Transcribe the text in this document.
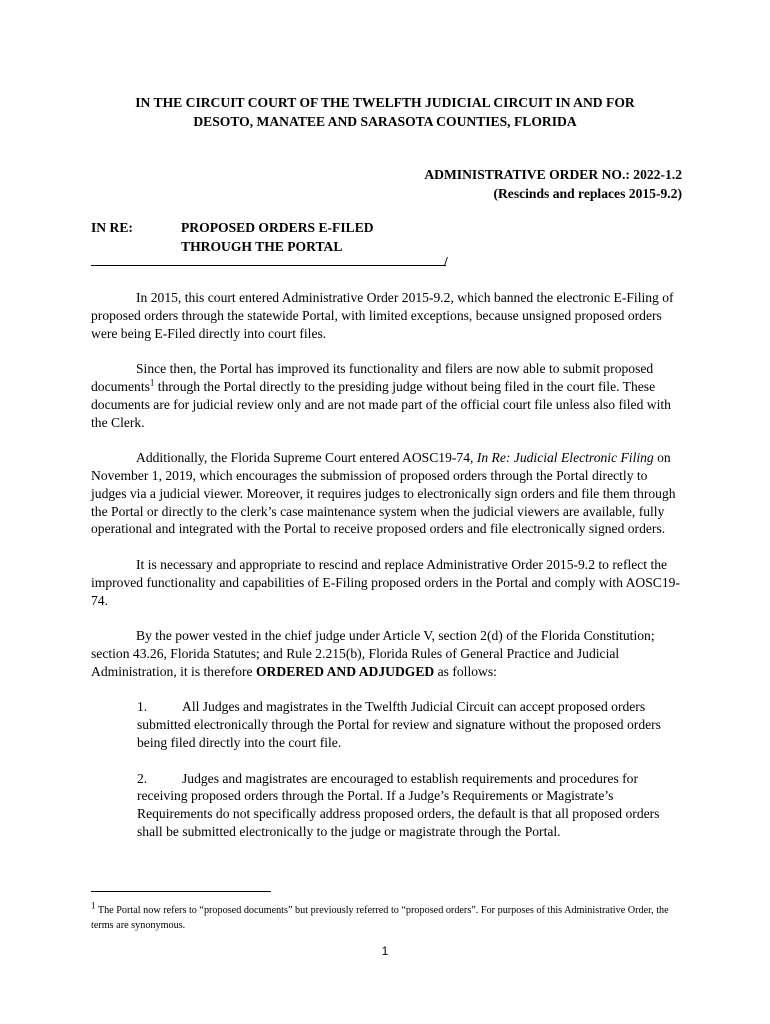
IN THE CIRCUIT COURT OF THE TWELFTH JUDICIAL CIRCUIT IN AND FOR
DESOTO, MANATEE AND SARASOTA COUNTIES, FLORIDA
ADMINISTRATIVE ORDER NO.: 2022-1.2
(Rescinds and replaces 2015-9.2)
IN RE:	PROPOSED ORDERS E-FILED
THROUGH THE PORTAL
/

In 2015, this court entered Administrative Order 2015-9.2, which banned the electronic E-Filing of proposed orders through the statewide Portal, with limited exceptions, because unsigned proposed orders were being E-Filed directly into court files.

Since then, the Portal has improved its functionality and filers are now able to submit proposed documents$^1$ through the Portal directly to the presiding judge without being filed in the court file. These documents are for judicial review only and are not made part of the official court file unless also filed with the Clerk.

Additionally, the Florida Supreme Court entered AOSC19-74, In Re: Judicial Electronic Filing on November 1, 2019, which encourages the submission of proposed orders through the Portal directly to judges via a judicial viewer. Moreover, it requires judges to electronically sign orders and file them through the Portal or directly to the clerk’s case maintenance system when the judicial viewers are available, fully operational and integrated with the Portal to receive proposed orders and file electronically signed orders.

It is necessary and appropriate to rescind and replace Administrative Order 2015-9.2 to reflect the improved functionality and capabilities of E-Filing proposed orders in the Portal and comply with AOSC19-74.

By the power vested in the chief judge under Article V, section 2(d) of the Florida Constitution; section 43.26, Florida Statutes; and Rule 2.215(b), Florida Rules of General Practice and Judicial Administration, it is therefore ORDERED AND ADJUDGED as follows:

1.	All Judges and magistrates in the Twelfth Judicial Circuit can accept proposed orders submitted electronically through the Portal for review and signature without the proposed orders being filed directly into the court file.
2.	Judges and magistrates are encouraged to establish requirements and procedures for receiving proposed orders through the Portal. If a Judge’s Requirements or Magistrate’s Requirements do not specifically address proposed orders, the default is that all proposed orders shall be submitted electronically to the judge or magistrate through the Portal.
$^1$ The Portal now refers to “proposed documents” but previously referred to “proposed orders”. For purposes of this Administrative Order, the terms are synonymous.
1
